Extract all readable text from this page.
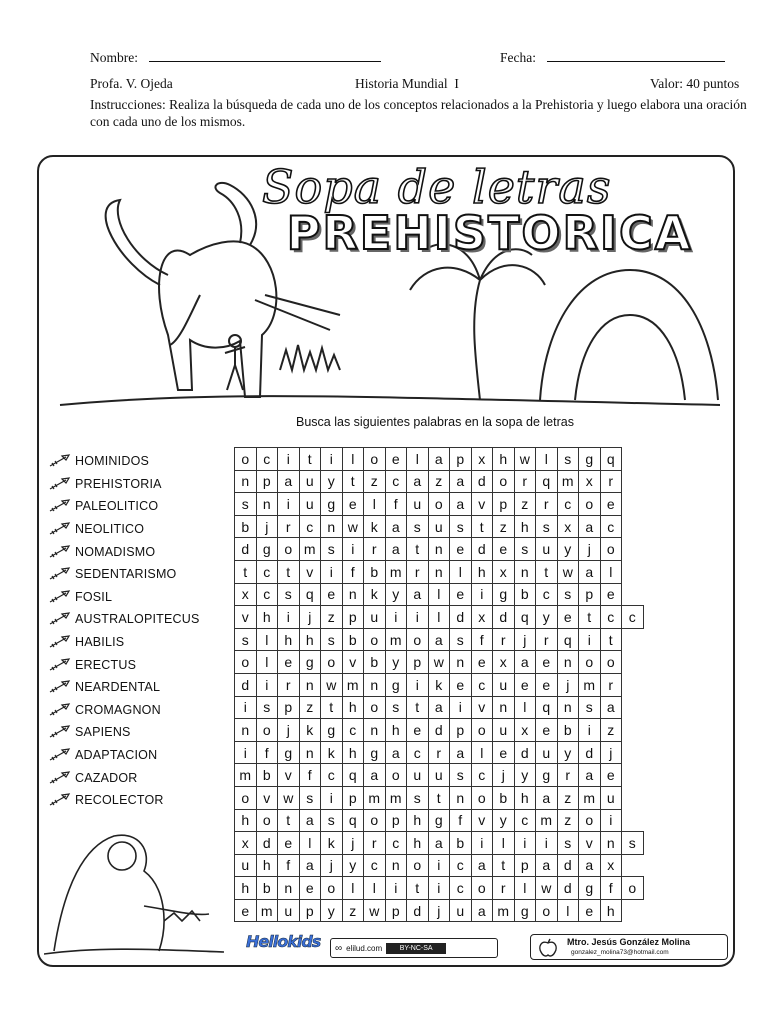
Nombre:	Fecha:
Profa. V. Ojeda	Historia Mundial  I	Valor: 40 puntos
Instrucciones: Realiza la búsqueda de cada uno de los conceptos relacionados a la Prehistoria y luego elabora una oración con cada uno de los mismos.
Sopa de letras
PREHISTORICA
Busca las siguientes palabras en la sopa de letras
HOMINIDOS
PREHISTORIA
PALEOLITICO
NEOLITICO
NOMADISMO
SEDENTARISMO
FOSIL
AUSTRALOPITECUS
HABILIS
ERECTUS
NEARDENTAL
CROMAGNON
SAPIENS
ADAPTACION
CAZADOR
RECOLECTOR
o	c	i	t	i	l	o	e	l	a	p	x	h	w	l	s	g	q	
n	p	a	u	y	t	z	c	a	z	a	d	o	r	q	m	x	r	
s	n	i	u	g	e	l	f	u	o	a	v	p	z	r	c	o	e	
b	j	r	c	n	w	k	a	s	u	s	t	z	h	s	x	a	c	
d	g	o	m	s	i	r	a	t	n	e	d	e	s	u	y	j	o	
t	c	t	v	i	f	b	m	r	n	l	h	x	n	t	w	a	l	
x	c	s	q	e	n	k	y	a	l	e	i	g	b	c	s	p	e	
v	h	i	j	z	p	u	i	i	l	d	x	d	q	y	e	t	c	c
s	l	h	h	s	b	o	m	o	a	s	f	r	j	r	q	i	t	
o	l	e	g	o	v	b	y	p	w	n	e	x	a	e	n	o	o	
d	i	r	n	w	m	n	g	i	k	e	c	u	e	e	j	m	r	
i	s	p	z	t	h	o	s	t	a	i	v	n	l	q	n	s	a	
n	o	j	k	g	c	n	h	e	d	p	o	u	x	e	b	i	z	
i	f	g	n	k	h	g	a	c	r	a	l	e	d	u	y	d	j	
m	b	v	f	c	q	a	o	u	u	s	c	j	y	g	r	a	e	
o	v	w	s	i	p	m	m	s	t	n	o	b	h	a	z	m	u	
h	o	t	a	s	q	o	p	h	g	f	v	y	c	m	z	o	i	
x	d	e	l	k	j	r	c	h	a	b	i	l	i	i	s	v	n	s
u	h	f	a	j	y	c	n	o	i	c	a	t	p	a	d	a	x	
h	b	n	e	o	l	l	i	t	i	c	o	r	l	w	d	g	f	o
e	m	u	p	y	z	w	p	d	j	u	a	m	g	o	l	e	h	
Hellokids ∞ elilud.com	BY-NC-SA
Mtro. Jesús González Molina
gonzalez_molina73@hotmail.com
